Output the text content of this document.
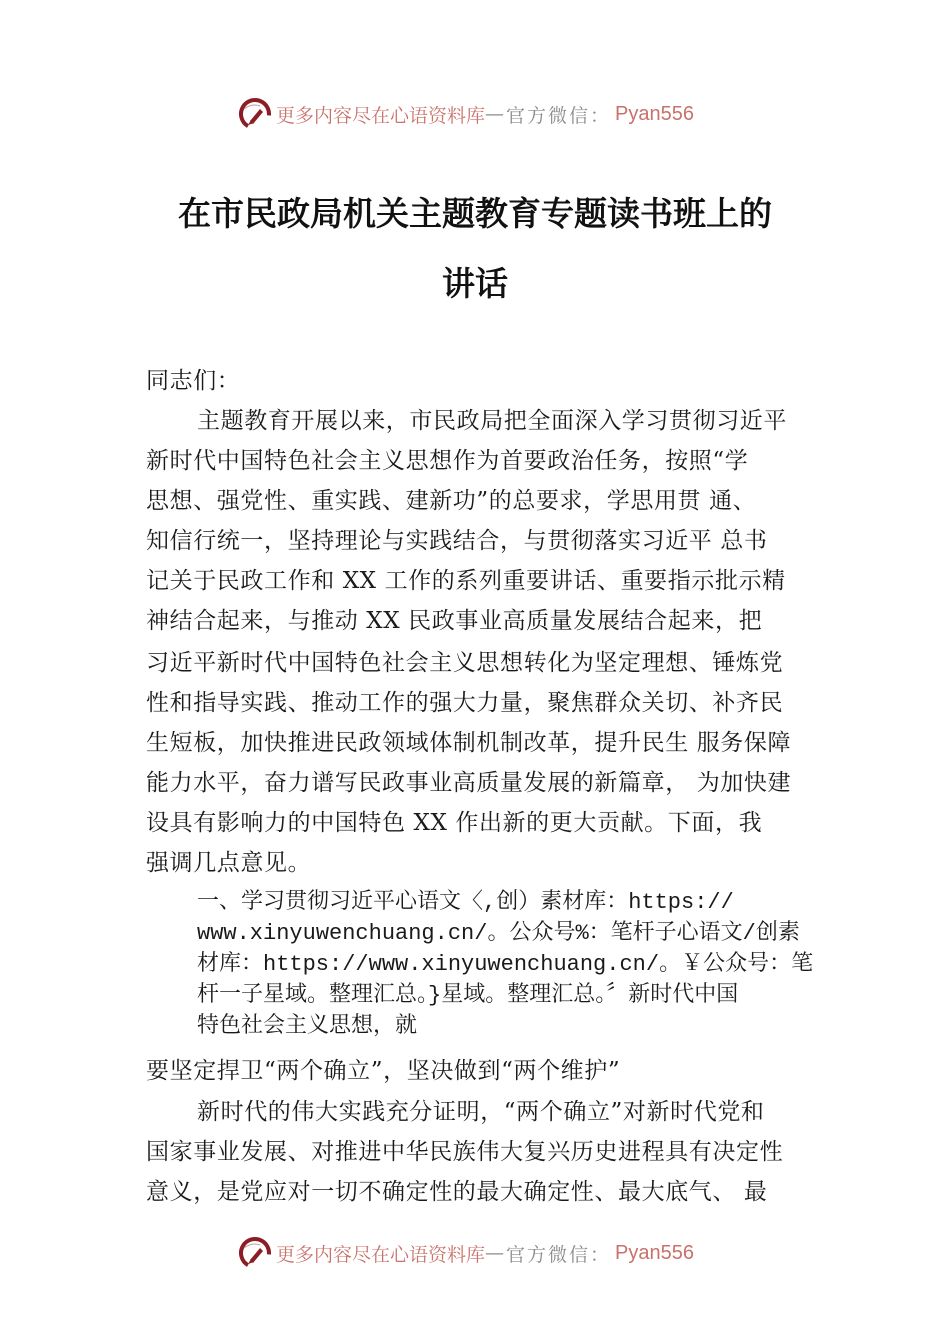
更多内容尽在心语资料库 — 官方微信： Pyan556
在市民政局机关主题教育专题读书班上的
讲话
同志们：
主题教育开展以来，市民政局把全面深入学习贯彻习近平
新时代中国特色社会主义思想作为首要政治任务，按照“学
思想、强党性、重实践、建新功”的总要求，学思用贯 通、
知信行统一，坚持理论与实践结合，与贯彻落实习近平 总书
记关于民政工作和 XX 工作的系列重要讲话、重要指示批示精
神结合起来，与推动 XX 民政事业高质量发展结合起来，把
习近平新时代中国特色社会主义思想转化为坚定理想、锤炼党
性和指导实践、推动工作的强大力量，聚焦群众关切、补齐民
生短板，加快推进民政领域体制机制改革，提升民生 服务保障
能力水平，奋力谱写民政事业高质量发展的新篇章， 为加快建
设具有影响力的中国特色 XX 作出新的更大贡献。下面，我
强调几点意见。
一、学习贯彻习近平心语文〈,创）素材库：https://
www.xinyuwenchuang.cn/。公众号%：笔杆子心语文/创素
材库：https://www.xinyuwenchuang.cn/。￥公众号：笔
杆一子星域。整理汇总。}星域。整理汇总。〞新时代中国
特色社会主义思想，就
要坚定捍卫“两个确立”，坚决做到“两个维护”
新时代的伟大实践充分证明，“两个确立”对新时代党和
国家事业发展、对推进中华民族伟大复兴历史进程具有决定性
意义，是党应对一切不确定性的最大确定性、最大底气、 最
更多内容尽在心语资料库 — 官方微信： Pyan556
